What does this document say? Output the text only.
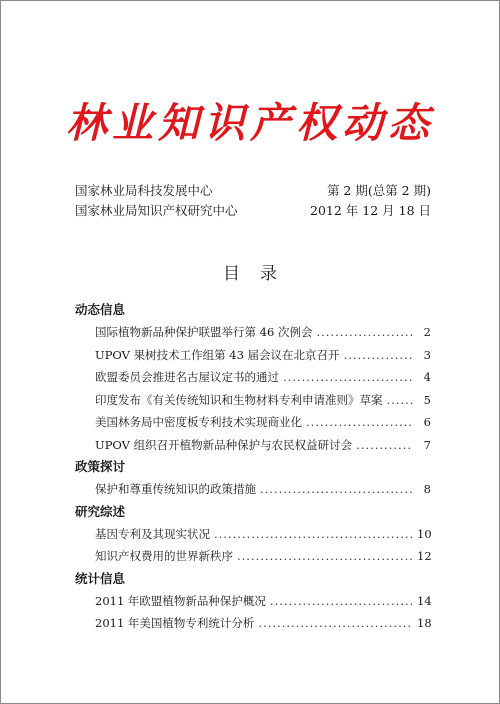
林业知识产权动态
国家林业局科技发展中心	第 2 期(总第 2 期)
国家林业局知识产权研究中心	2012 年 12 月 18 日
目录
动态信息
国际植物新品种保护联盟举行第 46 次例会 .....	2
UPOV 果树技术工作组第 43 届会议在北京召开 .....	3
欧盟委员会推进名古屋议定书的通过 .....	4
印度发布《有关传统知识和生物材料专利申请准则》草案 .....	5
美国林务局中密度板专利技术实现商业化 .....	6
UPOV 组织召开植物新品种保护与农民权益研讨会 .....	7
政策探讨
保护和尊重传统知识的政策措施 .....	8
研究综述
基因专利及其现实状况 .....	10
知识产权费用的世界新秩序 .....	12
统计信息
2011 年欧盟植物新品种保护概况 .....	14
2011 年美国植物专利统计分析 .....	18
